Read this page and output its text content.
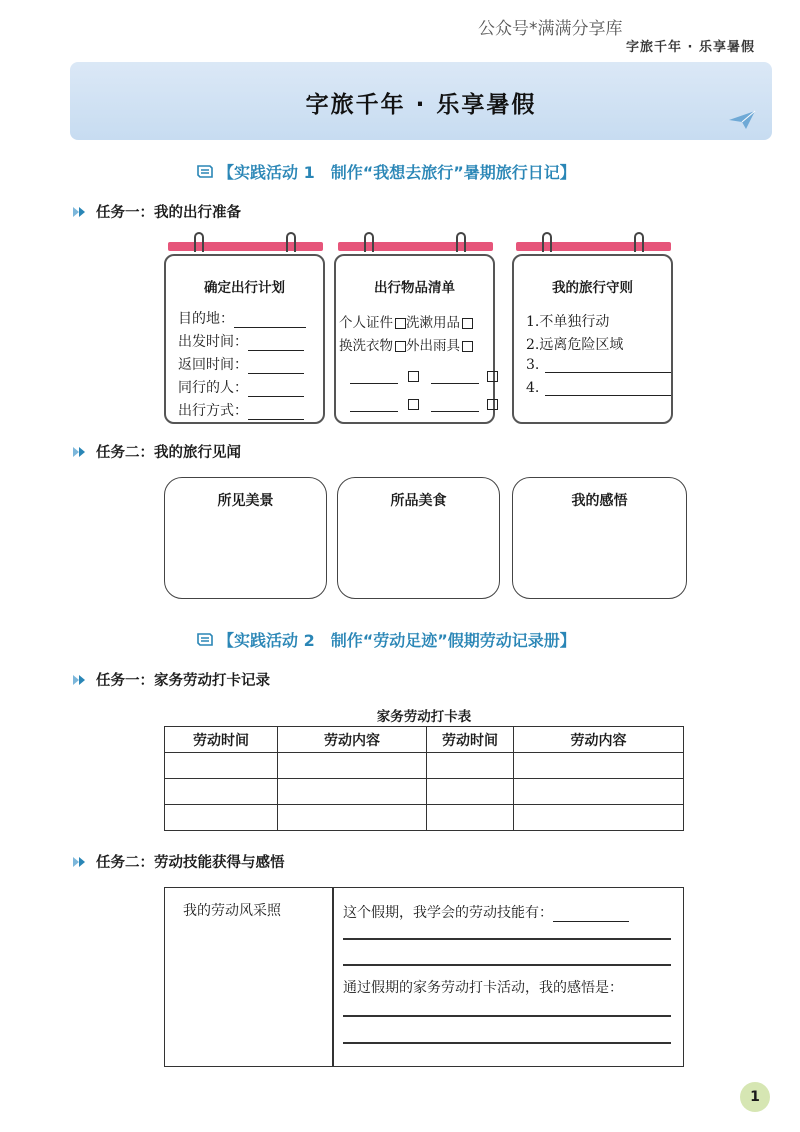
公众号*满满分享库
字旅千年 · 乐享暑假
字旅千年 · 乐享暑假
【实践活动 1　制作“我想去旅行”暑期旅行日记】
任务一：我的出行准备
确定出行计划
目的地：
出发时间：
返回时间：
同行的人：
出行方式：
出行物品清单
个人证件 洗漱用品
换洗衣物 外出雨具
我的旅行守则
1.不单独行动
2.远离危险区域
3.
4.
任务二：我的旅行见闻
所见美景	所品美食	我的感悟
【实践活动 2　制作“劳动足迹”假期劳动记录册】
任务一：家务劳动打卡记录
家务劳动打卡表
劳动时间	劳动内容	劳动时间	劳动内容

任务二：劳动技能获得与感悟
我的劳动风采照	这个假期，我学会的劳动技能有：
通过假期的家务劳动打卡活动，我的感悟是：
1
